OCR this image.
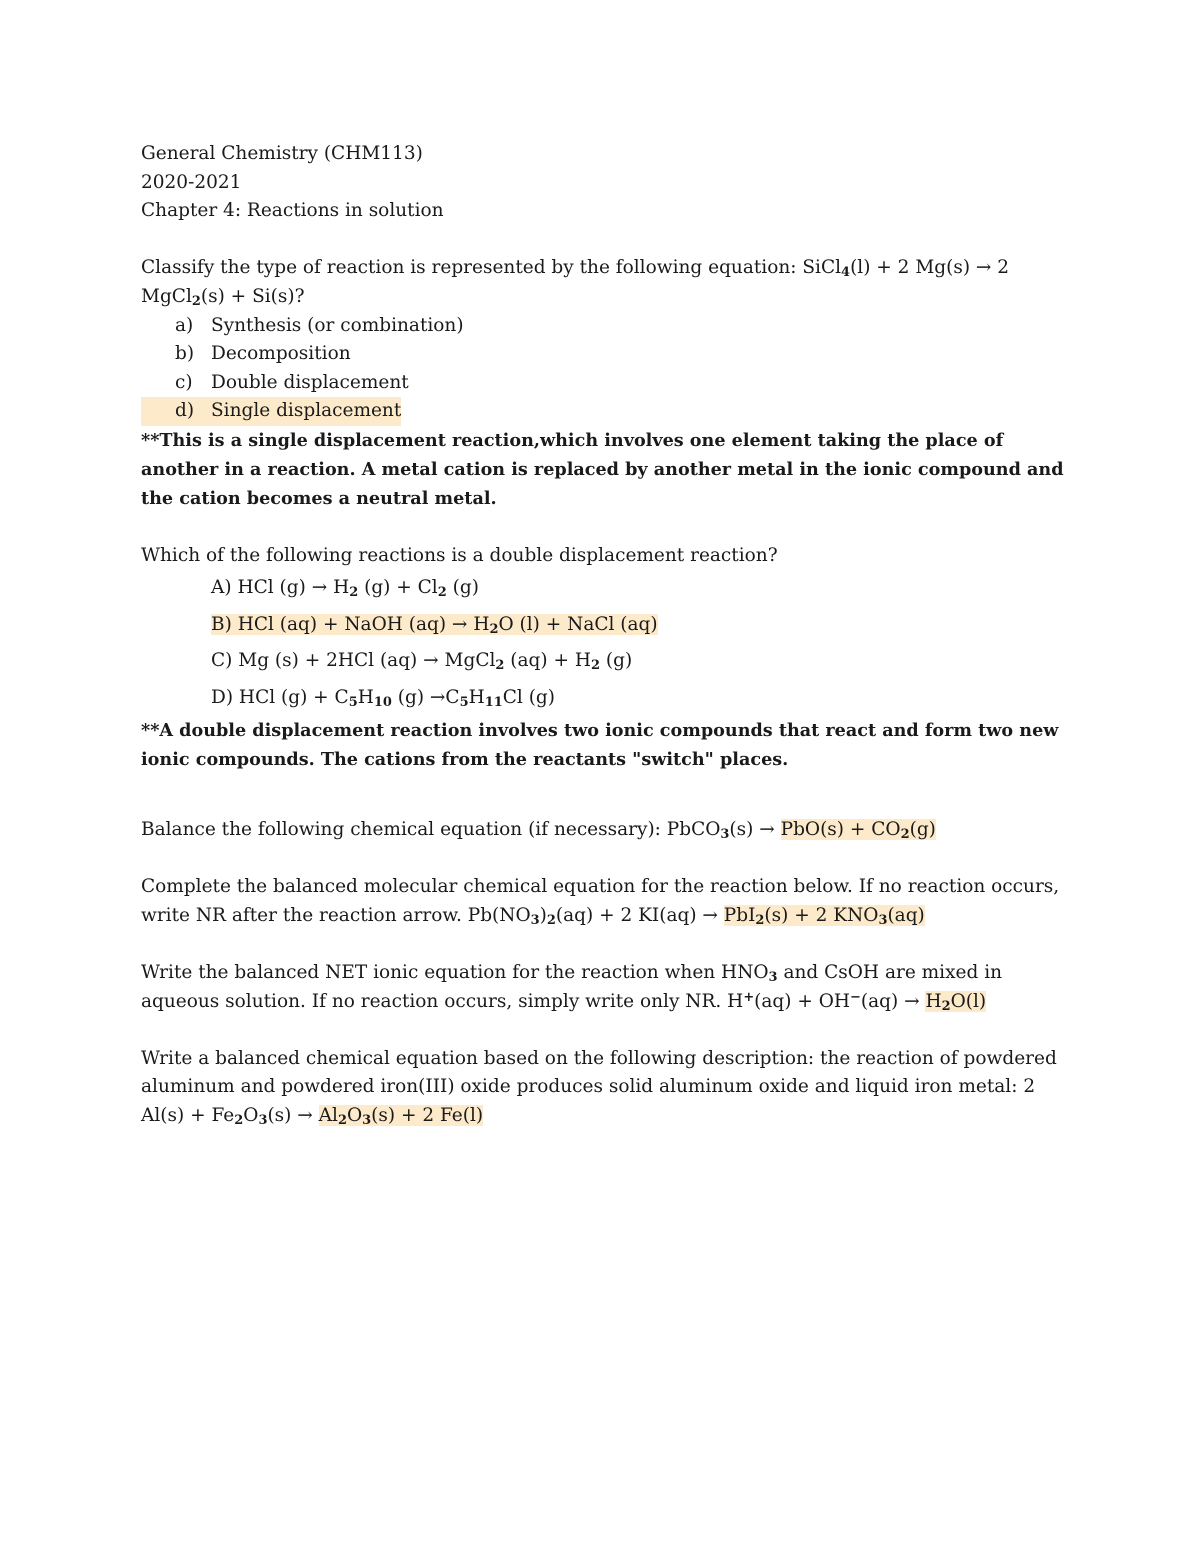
General Chemistry (CHM113)

2020-2021

Chapter 4: Reactions in solution

Classify the type of reaction is represented by the following equation: SiCl$_4$(l) + 2 Mg(s) → 2 MgCl$_2$(s) + Si(s)?

a) Synthesis (or combination)
b) Decomposition
c) Double displacement
d) Single displacement

**This is a single displacement reaction,which involves one element taking the place of another in a reaction. A metal cation is replaced by another metal in the ionic compound and the cation becomes a neutral metal.

Which of the following reactions is a double displacement reaction?

A) HCl $(g) \to H_2$ $(g) + Cl_2$ (g)
B) HCl (aq) + NaOH $(aq) \to H_2O$ (l) + NaCl (aq)
C) Mg (s) + 2HCl (aq) → MgCl$_2$ $(aq) + H_2$ (g)
D) HCl $(g) + C_5H_{10}$ $(g) \to C_5H_{11}Cl$ (g)

**A double displacement reaction involves two ionic compounds that react and form two new ionic compounds. The cations from the reactants "switch" places.

Balance the following chemical equation (if necessary): PbCO$_3$(s) → $PbO(s) + CO_2(g)$

Complete the balanced molecular chemical equation for the reaction below. If no reaction occurs, write NR after the reaction arrow. $Pb(NO_3)_2(aq) + 2$ KI(aq) → PbI$_2$(s) + 2 $KNO_3(aq)$

Write the balanced NET ionic equation for the reaction when $HNO_3$ and CsOH are mixed in aqueous solution. If no reaction occurs, simply write only NR. $H^+(aq) + OH^-(aq) \to H_2O(l)$

Write a balanced chemical equation based on the following description: the reaction of powdered aluminum and powdered iron(III) oxide produces solid aluminum oxide and liquid iron metal: 2 $Al(s) + Fe_2O_3(s) \to Al_2O_3(s) + 2$ Fe(l)
